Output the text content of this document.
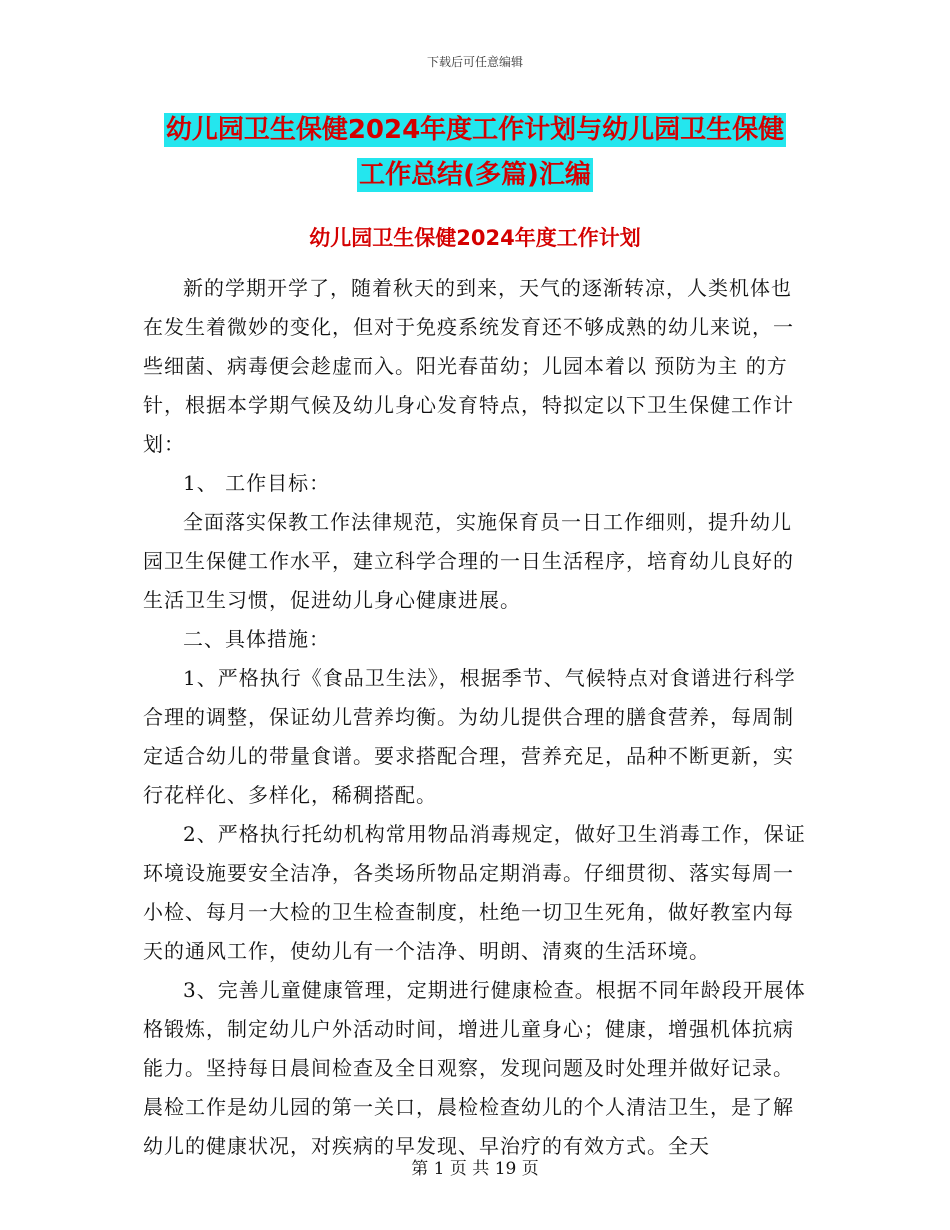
下载后可任意编辑
幼儿园卫生保健2024年度工作计划与幼儿园卫生保健
工作总结(多篇)汇编
幼儿园卫生保健2024年度工作计划

新的学期开学了，随着秋天的到来，天气的逐渐转凉，人类机体也在发生着微妙的变化，但对于免疫系统发育还不够成熟的幼儿来说，一些细菌、病毒便会趁虚而入。阳光春苗幼；儿园本着以 预防为主 的方针，根据本学期气候及幼儿身心发育特点，特拟定以下卫生保健工作计划：

1、 工作目标：

全面落实保教工作法律规范，实施保育员一日工作细则，提升幼儿园卫生保健工作水平，建立科学合理的一日生活程序，培育幼儿良好的生活卫生习惯，促进幼儿身心健康进展。

二、具体措施：

1、严格执行《食品卫生法》，根据季节、气候特点对食谱进行科学合理的调整，保证幼儿营养均衡。为幼儿提供合理的膳食营养，每周制定适合幼儿的带量食谱。要求搭配合理，营养充足，品种不断更新，实行花样化、多样化，稀稠搭配。

2、严格执行托幼机构常用物品消毒规定，做好卫生消毒工作，保证环境设施要安全洁净，各类场所物品定期消毒。仔细贯彻、落实每周一小检、每月一大检的卫生检查制度，杜绝一切卫生死角，做好教室内每天的通风工作，使幼儿有一个洁净、明朗、清爽的生活环境。

3、完善儿童健康管理，定期进行健康检查。根据不同年龄段开展体格锻炼，制定幼儿户外活动时间，增进儿童身心；健康，增强机体抗病能力。坚持每日晨间检查及全日观察，发现问题及时处理并做好记录。晨检工作是幼儿园的第一关口，晨检检查幼儿的个人清洁卫生，是了解幼儿的健康状况，对疾病的早发现、早治疗的有效方式。全天

第 1 页 共 19 页
